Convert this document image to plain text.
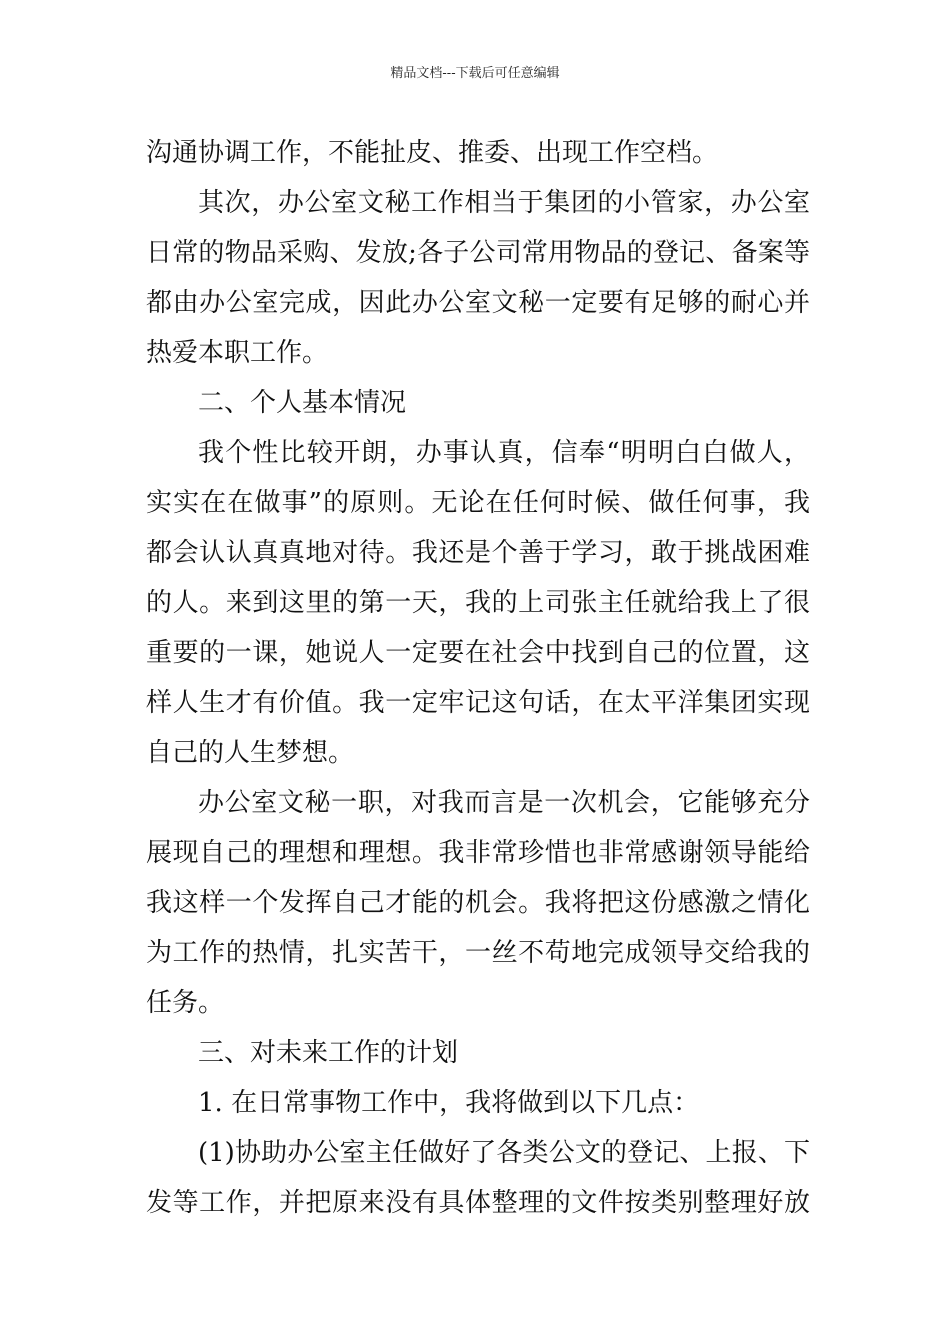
精品文档---下载后可任意编辑
沟通协调工作，不能扯皮、推委、出现工作空档。
其次，办公室文秘工作相当于集团的小管家，办公室
日常的物品采购、发放;各子公司常用物品的登记、备案等
都由办公室完成，因此办公室文秘一定要有足够的耐心并
热爱本职工作。
二、个人基本情况
我个性比较开朗，办事认真，信奉“明明白白做人，
实实在在做事”的原则。无论在任何时候、做任何事，我
都会认认真真地对待。我还是个善于学习，敢于挑战困难
的人。来到这里的第一天，我的上司张主任就给我上了很
重要的一课，她说人一定要在社会中找到自己的位置，这
样人生才有价值。我一定牢记这句话，在太平洋集团实现
自己的人生梦想。
办公室文秘一职，对我而言是一次机会，它能够充分
展现自己的理想和理想。我非常珍惜也非常感谢领导能给
我这样一个发挥自己才能的机会。我将把这份感激之情化
为工作的热情，扎实苦干，一丝不苟地完成领导交给我的
任务。
三、对未来工作的计划
1. 在日常事物工作中，我将做到以下几点：
(1)协助办公室主任做好了各类公文的登记、上报、下
发等工作，并把原来没有具体整理的文件按类别整理好放
